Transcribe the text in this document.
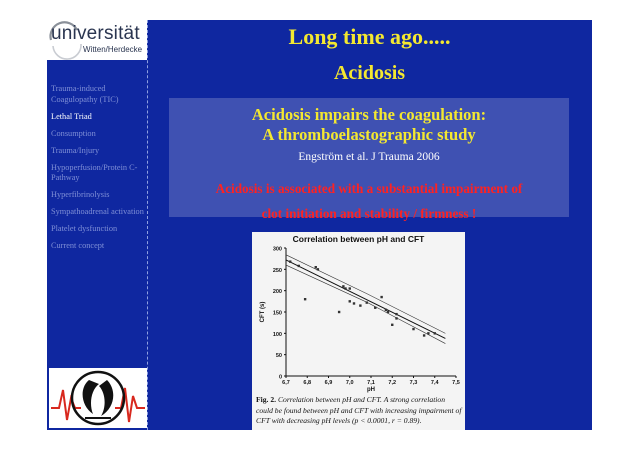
universität
Witten/Herdecke
Trauma-induced Coagulopathy (TIC)
Lethal Triad
Consumption
Trauma/Injury
Hypoperfusion/Protein C-Pathway
Hyperfibrinolysis
Sympathoadrenal activation
Platelet dysfunction
Current concept
Long time ago.....
Acidosis
Acidosis impairs the coagulation:
A thromboelastographic study
Engström et al. J Trauma 2006
Acidosis is associated with a substantial impairment of
clot initiation and stability / firmness !
Correlation between pH and CFT
0
50
100
150
200
250
300
6,7 6,8 6,9 7,0 7,1 7,2 7,3 7,4 7,5
pH
CFT (s)
Fig. 2. Correlation between pH and CFT. A strong correlation could be found between pH and CFT with increasing impairment of CFT with decreasing pH levels (p < 0.0001, r = 0.89).
